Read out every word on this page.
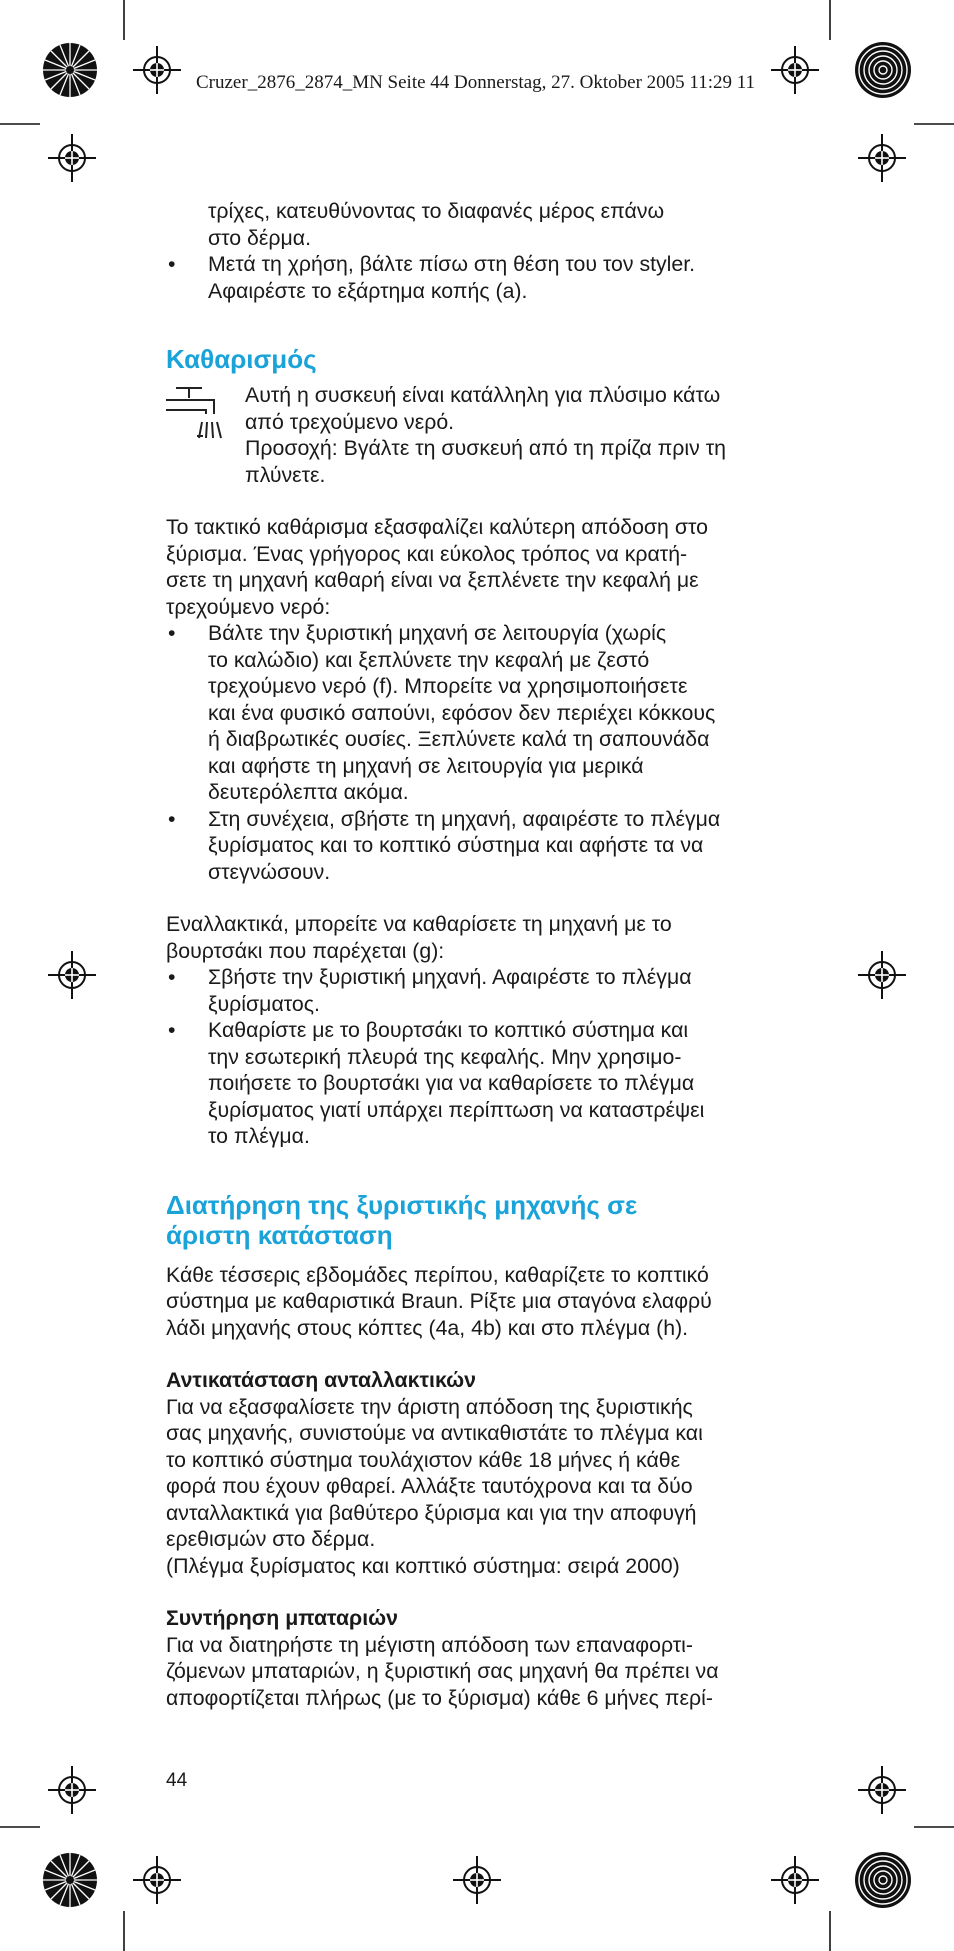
Cruzer_2876_2874_MN Seite 44 Donnerstag, 27. Oktober 2005 11:29 11

τρίχες, κατευθύνοντας το διαφανές μέρος επάνω

στο δέρμα.

• Μετά τη χρήση, βάλτε πίσω στη θέση του τον styler.

Αφαιρέστε το εξάρτημα κοπής (a).

Καθαρισμός

Αυτή η συσκευή είναι κατάλληλη για πλύσιμο κάτω

από τρεχούμενο νερό.

Προσοχή: Βγάλτε τη συσκευή από τη πρίζα πριν τη

πλύνετε.

Το τακτικό καθάρισμα εξασφαλίζει καλύτερη απόδοση στο

ξύρισμα. Ένας γρήγορος και εύκολος τρόπος να κρατή-

σετε τη μηχανή καθαρή είναι να ξεπλένετε την κεφαλή με

τρεχούμενο νερό:

• Βάλτε την ξυριστική μηχανή σε λειτουργία (χωρίς

το καλώδιο) και ξεπλύνετε την κεφαλή με ζεστό

τρεχούμενο νερό (f). Μπορείτε να χρησιμοποιήσετε

και ένα φυσικό σαπούνι, εφόσον δεν περιέχει κόκκους

ή διαβρωτικές ουσίες. Ξεπλύνετε καλά τη σαπουνάδα

και αφήστε τη μηχανή σε λειτουργία για μερικά

δευτερόλεπτα ακόμα.

• Στη συνέχεια, σβήστε τη μηχανή, αφαιρέστε το πλέγμα

ξυρίσματος και το κοπτικό σύστημα και αφήστε τα να

στεγνώσουν.

Εναλλακτικά, μπορείτε να καθαρίσετε τη μηχανή με το

βουρτσάκι που παρέχεται (g):

• Σβήστε την ξυριστική μηχανή. Αφαιρέστε το πλέγμα

ξυρίσματος.

• Καθαρίστε με το βουρτσάκι το κοπτικό σύστημα και

την εσωτερική πλευρά της κεφαλής. Μην χρησιμο-

ποιήσετε το βουρτσάκι για να καθαρίσετε το πλέγμα

ξυρίσματος γιατί υπάρχει περίπτωση να καταστρέψει

το πλέγμα.

Διατήρηση της ξυριστικής μηχανής σε
άριστη κατάσταση

Κάθε τέσσερις εβδομάδες περίπου, καθαρίζετε το κοπτικό

σύστημα με καθαριστικά Braun. Ρίξτε μια σταγόνα ελαφρύ

λάδι μηχανής στους κόπτες (4a, 4b) και στο πλέγμα (h).

Αντικατάσταση ανταλλακτικών

Για να εξασφαλίσετε την άριστη απόδοση της ξυριστικής

σας μηχανής, συνιστούμε να αντικαθιστάτε το πλέγμα και

το κοπτικό σύστημα τουλάχιστον κάθε 18 μήνες ή κάθε

φορά που έχουν φθαρεί. Αλλάξτε ταυτόχρονα και τα δύο

ανταλλακτικά για βαθύτερο ξύρισμα και για την αποφυγή

ερεθισμών στο δέρμα.

(Πλέγμα ξυρίσματος και κοπτικό σύστημα: σειρά 2000)

Συντήρηση μπαταριών

Για να διατηρήστε τη μέγιστη απόδοση των επαναφορτι-

ζόμενων μπαταριών, η ξυριστική σας μηχανή θα πρέπει να

αποφορτίζεται πλήρως (με το ξύρισμα) κάθε 6 μήνες περί-

44
